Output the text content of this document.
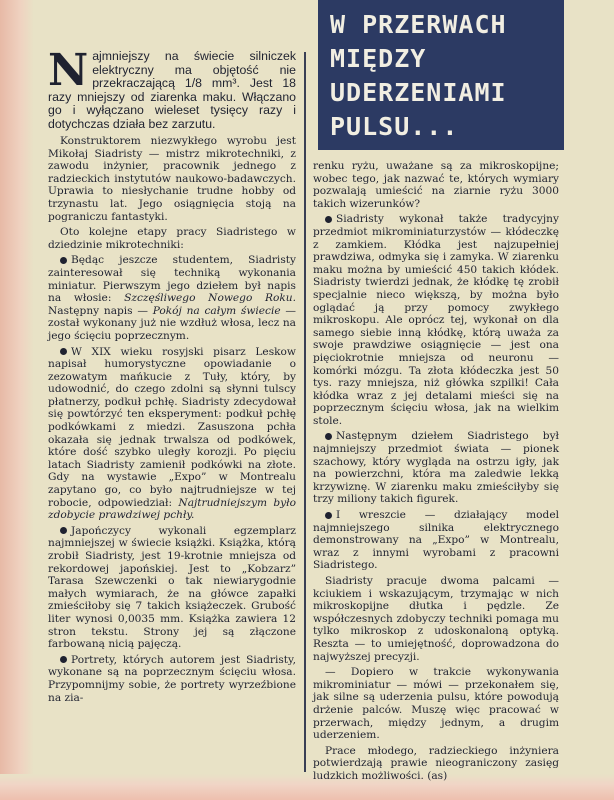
W PRZERWACH
MIĘDZY
UDERZENIAMI
PULSU...
Najmniejszy na świecie silniczek elektryczny ma objętość nie przekraczającą 1/8 mm³. Jest 18 razy mniejszy od ziarenka maku. Włączano go i wyłączano wieleset tysięcy razy i dotychczas działa bez zarzutu.

Konstruktorem niezwykłego wyrobu jest Mikołaj Siadristy — mistrz mikrotechniki, z zawodu inżynier, pracownik jednego z radzieckich instytutów naukowo-badawczych. Uprawia to niesłychanie trudne hobby od trzynastu lat. Jego osiągnięcia stoją na pograniczu fantastyki.

Oto kolejne etapy pracy Siadristego w dziedzinie mikrotechniki:

Będąc jeszcze studentem, Siadristy zainteresował się techniką wykonania miniatur. Pierwszym jego dziełem był napis na włosie: Szczęśliwego Nowego Roku. Następny napis — Pokój na całym świecie — został wykonany już nie wzdłuż włosa, lecz na jego ścięciu poprzecznym.

W XIX wieku rosyjski pisarz Leskow napisał humorystyczne opowiadanie o zezowatym mańkucie z Tuły, który, by udowodnić, do czego zdolni są słynni tulscy płatnerzy, podkuł pchłę. Siadristy zdecydował się powtórzyć ten eksperyment: podkuł pchłę podkówkami z miedzi. Zasuszona pchła okazała się jednak trwalsza od podkówek, które dość szybko uległy korozji. Po pięciu latach Siadristy zamienił podkówki na złote. Gdy na wystawie „Expo” w Montrealu zapytano go, co było najtrudniejsze w tej robocie, odpowiedział: Najtrudniejszym było zdobycie prawdziwej pchły.

Japończycy wykonali egzemplarz najmniejszej w świecie książki. Książka, którą zrobił Siadristy, jest 19-krotnie mniejsza od rekordowej japońskiej. Jest to „Kobzarz” Tarasa Szewczenki o tak niewiarygodnie małych wymiarach, że na główce zapałki zmieściłoby się 7 takich książeczek. Grubość liter wynosi 0,0035 mm. Książka zawiera 12 stron tekstu. Strony jej są złączone farbowaną nicią pajęczą.

Portrety, których autorem jest Siadristy, wykonane są na poprzecznym ścięciu włosa. Przypomnijmy sobie, że portrety wyrzeźbione na zia-

renku ryżu, uważane są za mikroskopijne; wobec tego, jak nazwać te, których wymiary pozwalają umieścić na ziarnie ryżu 3000 takich wizerunków?

Siadristy wykonał także tradycyjny przedmiot mikrominiaturzystów — kłódeczkę z zamkiem. Kłódka jest najzupełniej prawdziwa, odmyka się i zamyka. W ziarenku maku można by umieścić 450 takich kłódek. Siadristy twierdzi jednak, że kłódkę tę zrobił specjalnie nieco większą, by można było oglądać ją przy pomocy zwykłego mikroskopu. Ale oprócz tej, wykonał on dla samego siebie inną kłódkę, którą uważa za swoje prawdziwe osiągnięcie — jest ona pięciokrotnie mniejsza od neuronu — komórki mózgu. Ta złota kłódeczka jest 50 tys. razy mniejsza, niż główka szpilki! Cała kłódka wraz z jej detalami mieści się na poprzecznym ścięciu włosa, jak na wielkim stole.

Następnym dziełem Siadristego był najmniejszy przedmiot świata — pionek szachowy, który wygląda na ostrzu igły, jak na powierzchni, która ma zaledwie lekką krzywiznę. W ziarenku maku zmieściłyby się trzy miliony takich figurek.

I wreszcie — działający model najmniejszego silnika elektrycznego demonstrowany na „Expo” w Montrealu, wraz z innymi wyrobami z pracowni Siadristego.

Siadristy pracuje dwoma palcami — kciukiem i wskazującym, trzymając w nich mikroskopijne dłutka i pędzle. Ze współczesnych zdobyczy techniki pomaga mu tylko mikroskop z udoskonaloną optyką. Reszta — to umiejętność, doprowadzona do najwyższej precyzji.

— Dopiero w trakcie wykonywania mikrominiatur — mówi — przekonałem się, jak silne są uderzenia pulsu, które powodują drżenie palców. Muszę więc pracować w przerwach, między jednym, a drugim uderzeniem.

Prace młodego, radzieckiego inżyniera potwierdzają prawie nieograniczony zasięg ludzkich możliwości. (as)
